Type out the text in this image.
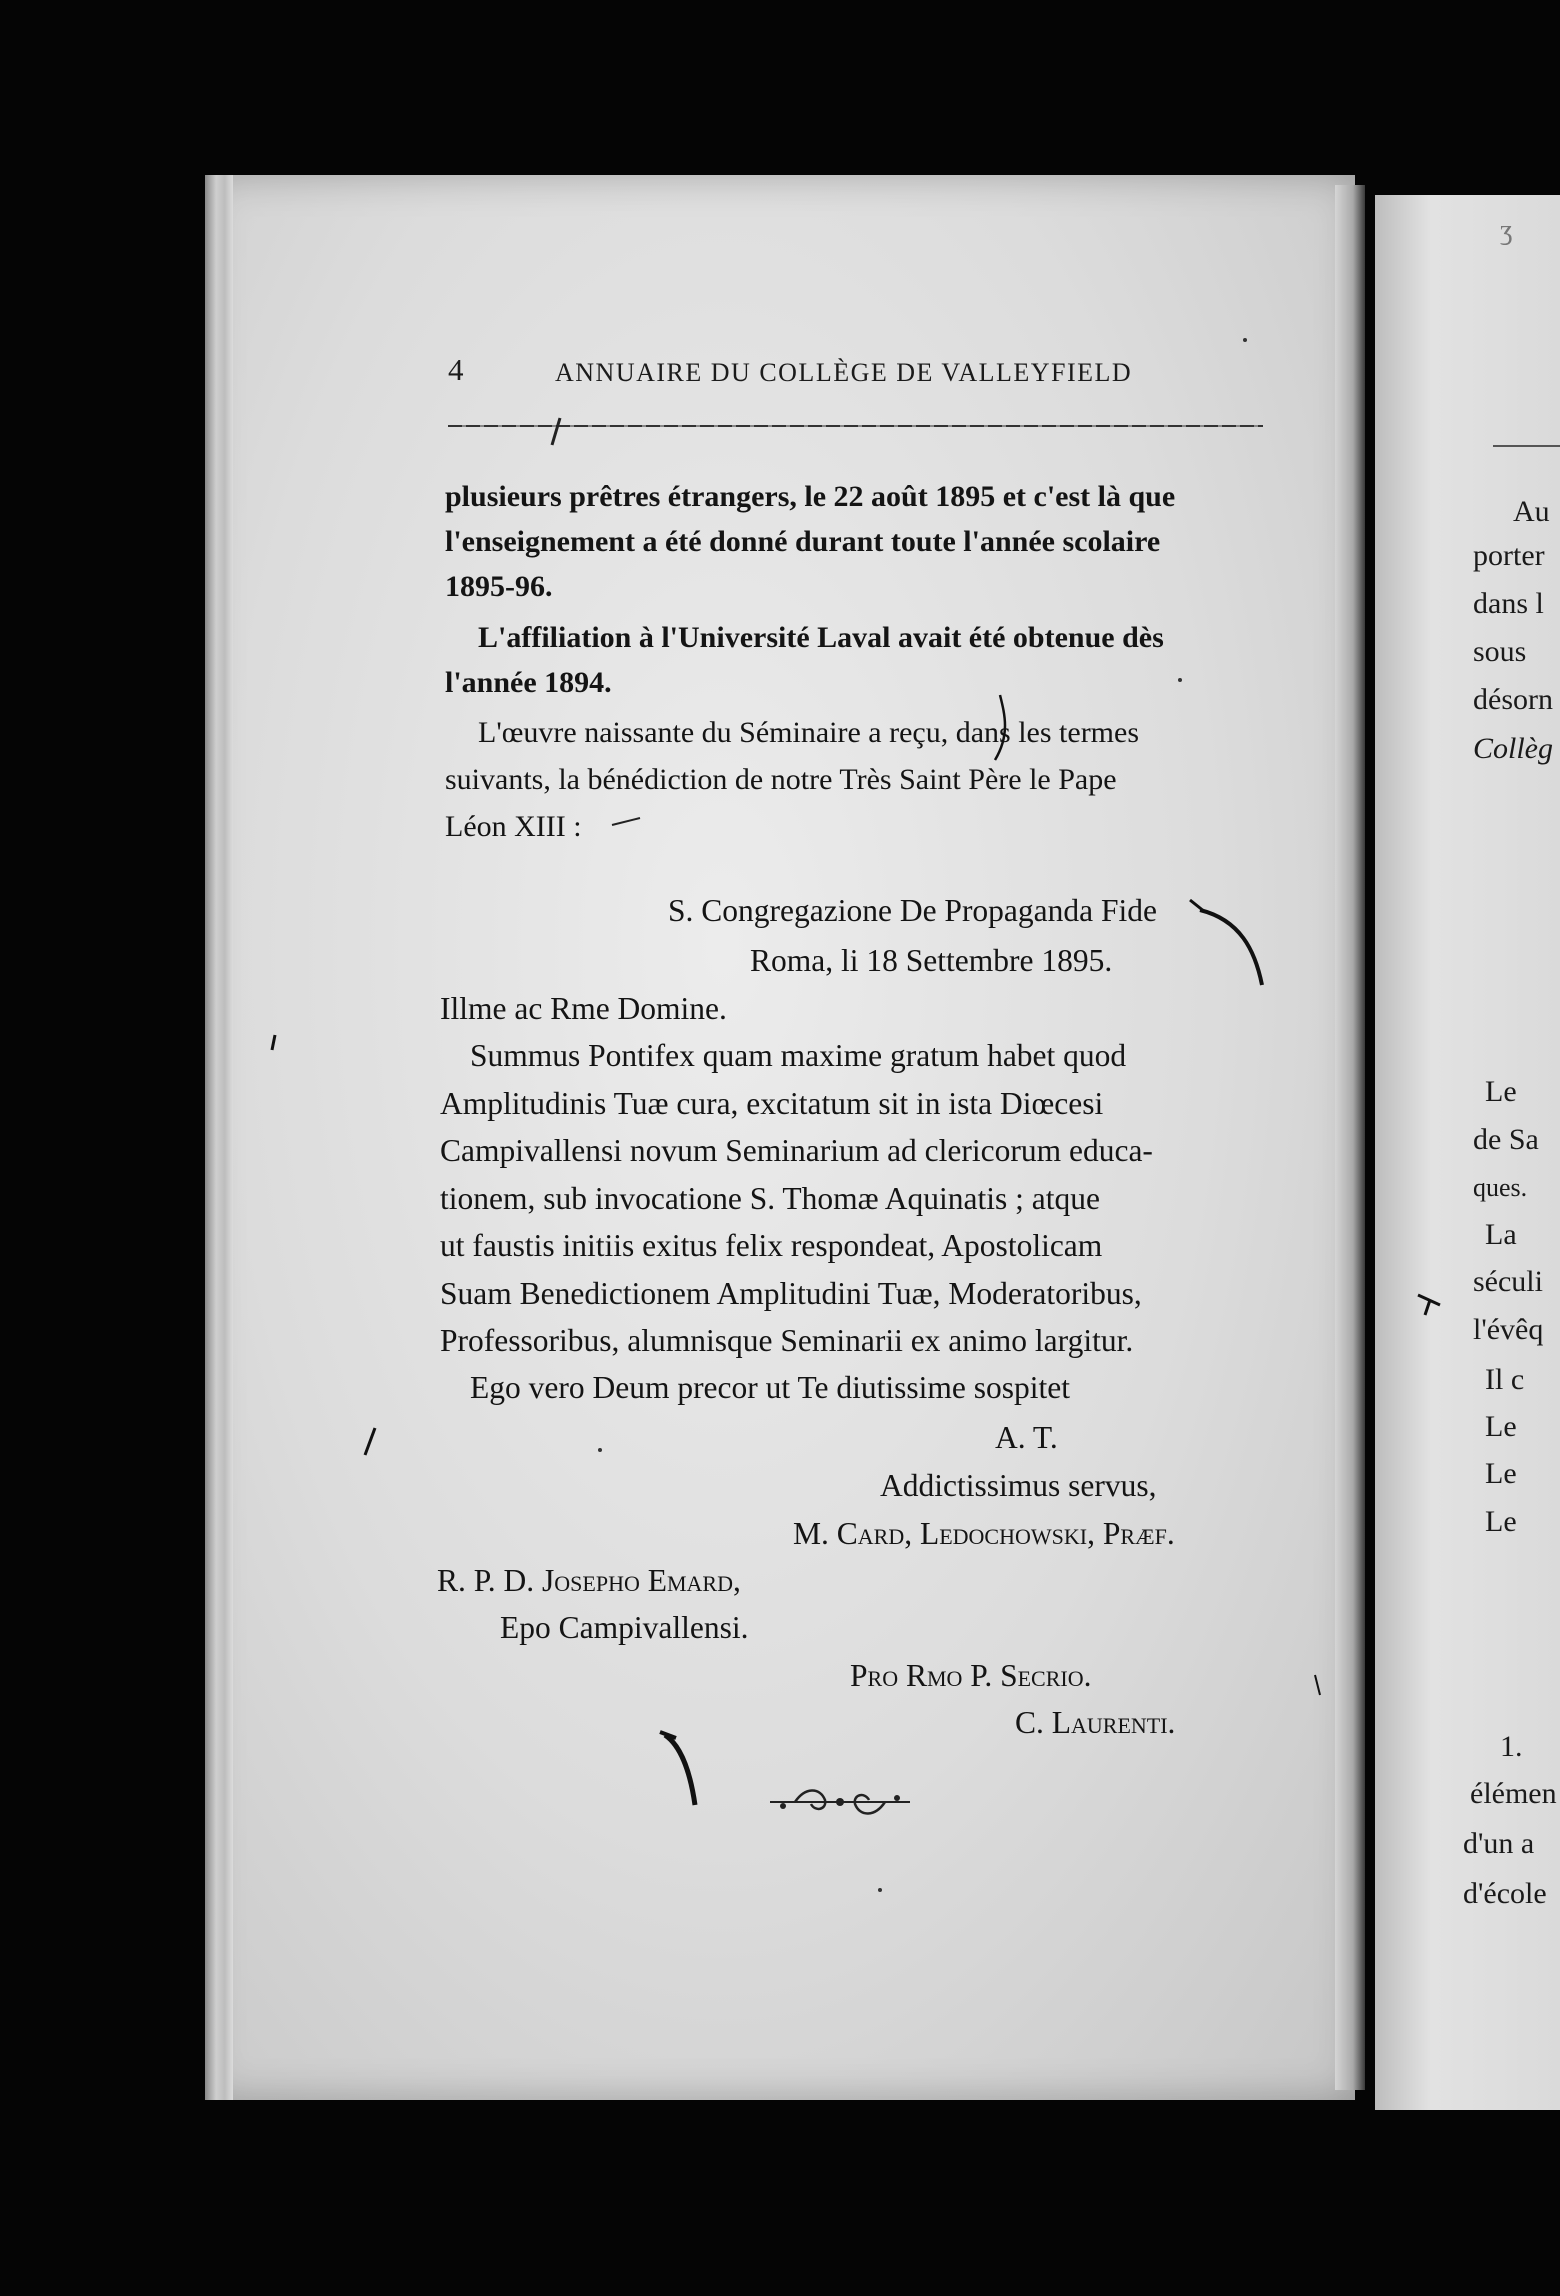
ʒ
Au
porter
dans l
sous
désorn
Collèg
Le
de Sa
ques.
La
séculi
l'évêq
Il c
Le
Le
Le
1.
élémen
d'un a
d'école
4	ANNUAIRE DU COLLÈGE DE VALLEYFIELD
plusieurs prêtres étrangers, le 22 août 1895 et c'est là que
l'enseignement a été donné durant toute l'année scolaire
1895-96.
L'affiliation à l'Université Laval avait été obtenue dès
l'année 1894.
L'œuvre naissante du Séminaire a reçu, dans les termes
suivants, la bénédiction de notre Très Saint Père le Pape
Léon XIII :
S. Congregazione De Propaganda Fide
Roma, li 18 Settembre 1895.
Illme ac Rme Domine.
Summus Pontifex quam maxime gratum habet quod
Amplitudinis Tuæ cura, excitatum sit in ista Diœcesi
Campivallensi novum Seminarium ad clericorum educa-
tionem, sub invocatione S. Thomæ Aquinatis ; atque
ut faustis initiis exitus felix respondeat, Apostolicam
Suam Benedictionem Amplitudini Tuæ, Moderatoribus,
Professoribus, alumnisque Seminarii ex animo largitur.
Ego vero Deum precor ut Te diutissime sospitet
A. T.
Addictissimus servus,
M. Card, Ledochowski, Præf.
R. P. D. Josepho Emard,
Epo Campivallensi.
Pro Rmo P. Secrio.
C. Laurenti.
